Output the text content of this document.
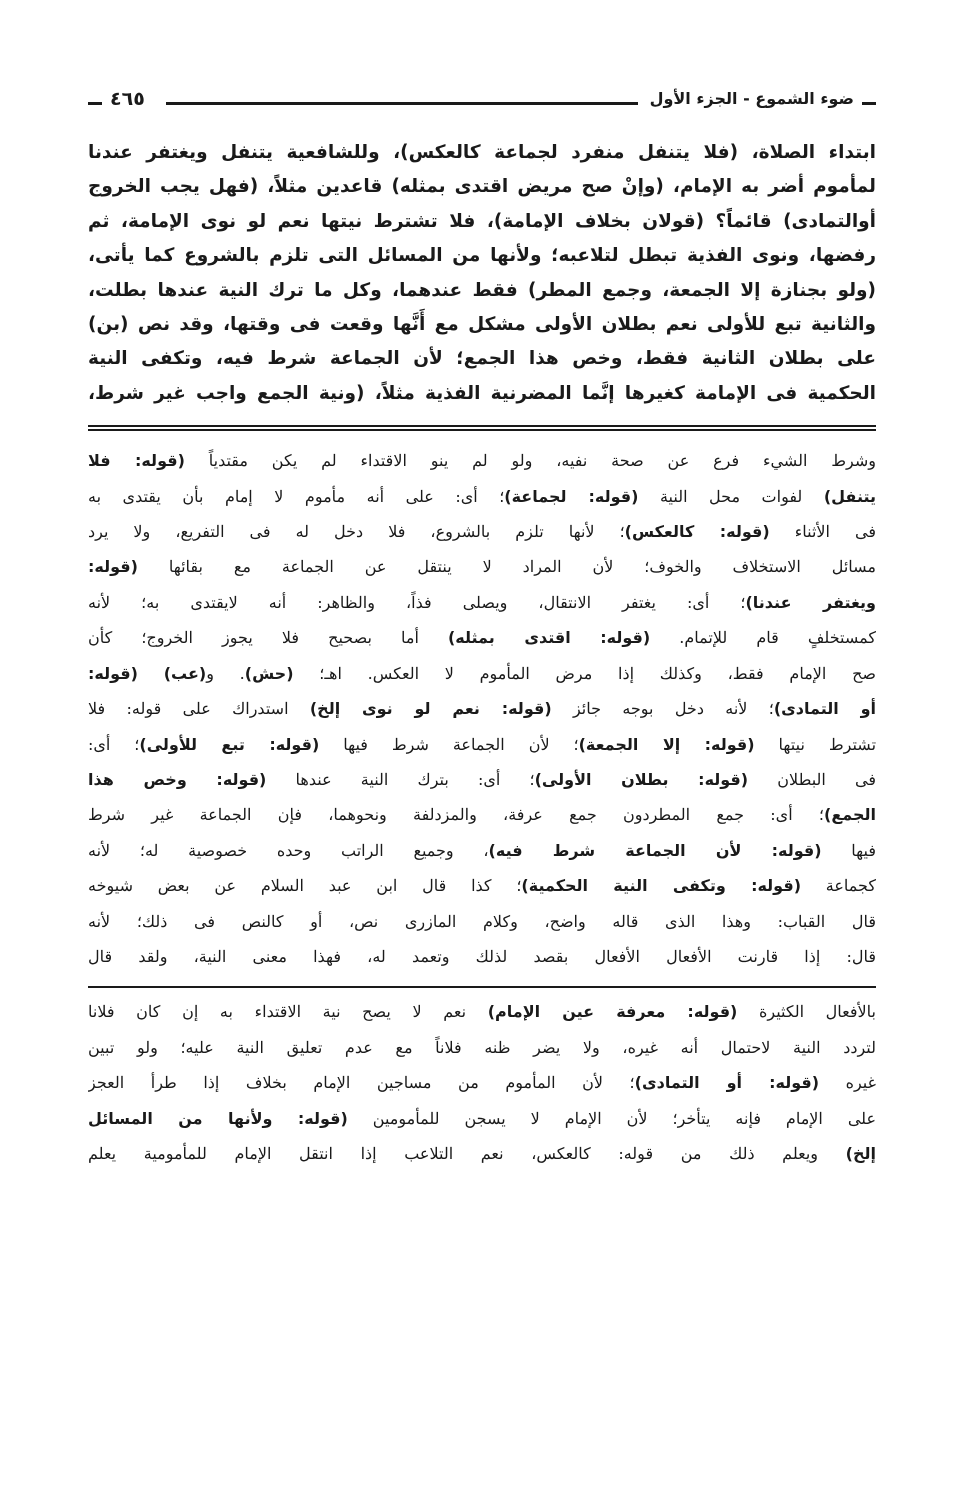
٤٦٥	ضوء الشموع - الجزء الأول
ابتداء الصلاة، (فلا يتنفل منفرد لجماعة كالعكس)، وللشافعية يتنفل ويغتفر عندنا
لمأموم أضر به الإمام، (وإنْ صح مريض اقتدى بمثله) قاعدين مثلاً، (فهل يجب الخروج
أوالتمادى) قائماً؟ (قولان بخلاف الإمامة)، فلا تشترط نيتها نعم لو نوى الإمامة، ثم
رفضها، ونوى الفذية تبطل لتلاعبه؛ ولأنها من المسائل التى تلزم بالشروع كما يأتى،
(ولو بجنازة إلا الجمعة، وجمع المطر) فقط عندهما، وكل ما ترك النية عندها بطلت،
والثانية تبع للأولى نعم بطلان الأولى مشكل مع أَنَّها وقعت فى وقتها، وقد نص (بن)
على بطلان الثانية فقط، وخص هذا الجمع؛ لأن الجماعة شرط فيه، وتكفى النية
الحكمية فى الإمامة كغيرها إنَّما المضرنية الفذية مثلاً، (ونية الجمع واجب غير شرط،
وشرط الشيء فرع عن صحة نفيه، ولو لم ينو الاقتداء لم يكن مقتدياً (قوله: فلا
يتنفل) لفوات محل النية (قوله: لجماعة)؛ أى: على أنه مأموم لا إمام بأن يقتدى به
فى الأثناء (قوله: كالعكس)؛ لأنها تلزم بالشروع، فلا دخل له فى التفريع، ولا يرد
مسائل الاستخلاف والخوف؛ لأن المراد لا ينتقل عن الجماعة مع بقائها (قوله:
ويغتفر عندنا)؛ أى: يغتفر الانتقال، ويصلى فذاً، والظاهر: أنه لايقتدى به؛ لأنه
كمستخلفٍ قام للإتمام. (قوله: اقتدى بمثله) أما بصحيح فلا يجوز الخروج؛ كأن
صح الإمام فقط، وكذلك إذا مرض المأموم لا العكس. اهـ؛ (حش). و(عب) (قوله:
أو التمادى)؛ لأنه دخل بوجه جائز (قوله: نعم لو نوى إلخ) استدراك على قوله: فلا
تشترط نيتها (قوله: إلا الجمعة)؛ لأن الجماعة شرط فيها (قوله: تبع للأولى)؛ أى:
فى البطلان (قوله: بطلان الأولى)؛ أى: بترك النية عندها (قوله: وخص هذا
الجمع)؛ أى: جمع المطردون جمع عرفة، والمزدلفة ونحوهما، فإن الجماعة غير شرط
فيها (قوله: لأن الجماعة شرط فيه)، وجميع الراتب وحده خصوصية له؛ لأنه
كجماعة (قوله: وتكفى النية الحكمية)؛ كذا قال ابن عبد السلام عن بعض شيوخه
قال القباب: وهذا الذى قاله واضح، وكلام المازرى نص، أو كالنص فى ذلك؛ لأنه
قال: إذا قارنت الأفعال الأفعال بقصد لذلك وتعمد له، فهذا معنى النية، ولقد قال
بالأفعال الكثيرة (قوله: معرفة عين الإمام) نعم لا يصح نية الاقتداء به إن كان فلانا
لتردد النية لاحتمال أنه غيره، ولا يضر ظنه فلاناً مع عدم تعليق النية عليه؛ ولو تبين
غيره (قوله: أو التمادى)؛ لأن المأموم من مساجين الإمام بخلاف إذا طرأ العجز
على الإمام فإنه يتأخر؛ لأن الإمام لا يسجن للمأمومين (قوله: ولأنها من المسائل
إلخ) ويعلم ذلك من قوله: كالعكس، نعم التلاعب إذا انتقل الإمام للمأمومية يعلم
